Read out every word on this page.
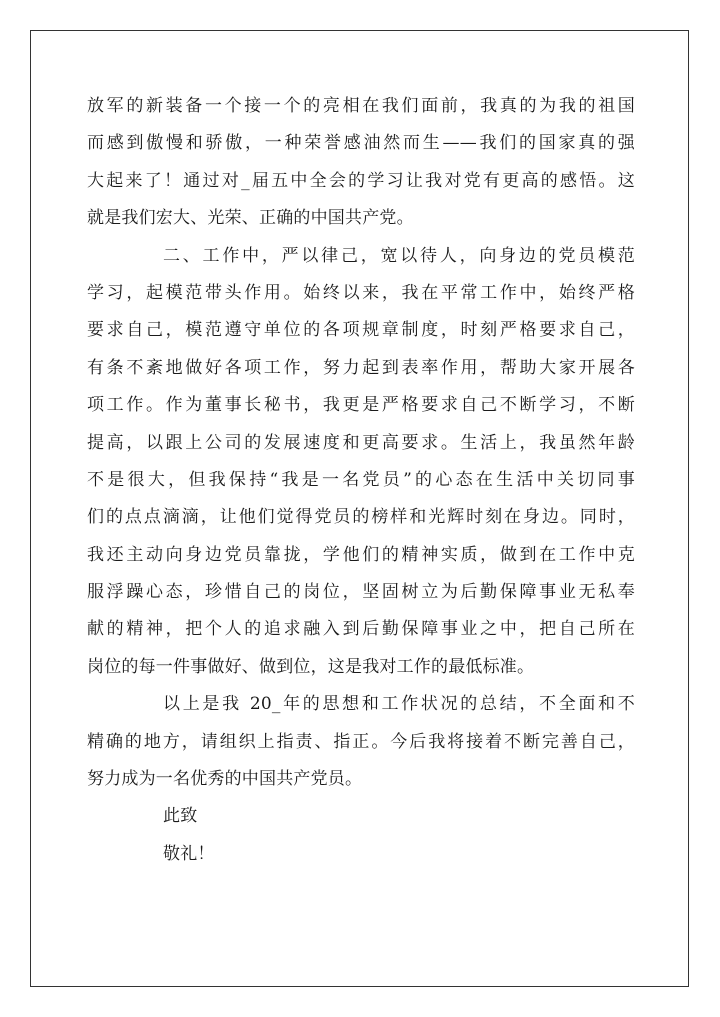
放军的新装备一个接一个的亮相在我们面前，我真的为我的祖国
而感到傲慢和骄傲，一种荣誉感油然而生——我们的国家真的强
大起来了！通过对_届五中全会的学习让我对党有更高的感悟。这
就是我们宏大、光荣、正确的中国共产党。
二、工作中，严以律己，宽以待人，向身边的党员模范
学习，起模范带头作用。始终以来，我在平常工作中，始终严格
要求自己，模范遵守单位的各项规章制度，时刻严格要求自己，
有条不紊地做好各项工作，努力起到表率作用，帮助大家开展各
项工作。作为董事长秘书，我更是严格要求自己不断学习，不断
提高，以跟上公司的发展速度和更高要求。生活上，我虽然年龄
不是很大，但我保持“我是一名党员”的心态在生活中关切同事
们的点点滴滴，让他们觉得党员的榜样和光辉时刻在身边。同时，
我还主动向身边党员靠拢，学他们的精神实质，做到在工作中克
服浮躁心态，珍惜自己的岗位，坚固树立为后勤保障事业无私奉
献的精神，把个人的追求融入到后勤保障事业之中，把自己所在
岗位的每一件事做好、做到位，这是我对工作的最低标准。
以上是我 20_年的思想和工作状况的总结，不全面和不
精确的地方，请组织上指责、指正。今后我将接着不断完善自己，
努力成为一名优秀的中国共产党员。
此致
敬礼！
